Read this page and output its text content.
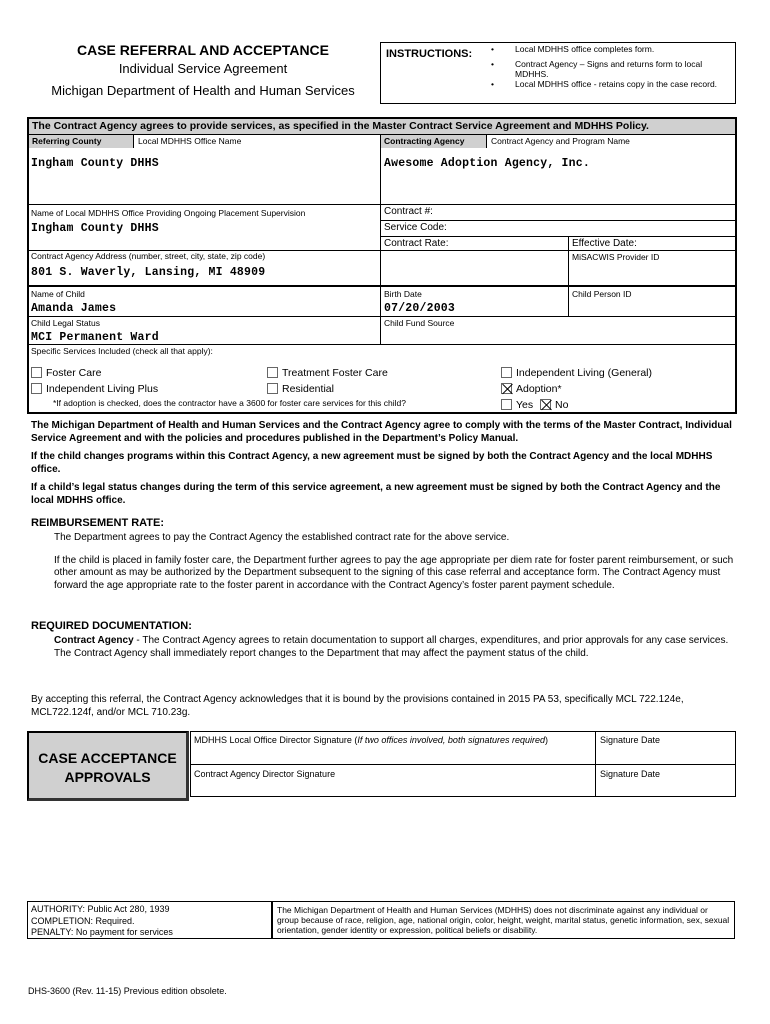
CASE REFERRAL AND ACCEPTANCE
Individual Service Agreement
Michigan Department of Health and Human Services
INSTRUCTIONS: • Local MDHHS office completes form.
• Contract Agency – Signs and returns form to local MDHHS.
• Local MDHHS office - retains copy in the case record.
The Contract Agency agrees to provide services, as specified in the Master Contract Service Agreement and MDHHS Policy.
Referring County	Local MDHHS Office Name
Ingham County DHHS
Contracting Agency	Contract Agency and Program Name
Awesome Adoption Agency, Inc.
Name of Local MDHHS Office Providing Ongoing Placement Supervision
Ingham County DHHS
Contract #:
Service Code:
Contract Rate:	Effective Date:
MiSACWIS Provider ID
Contract Agency Address (number, street, city, state, zip code)
801 S. Waverly, Lansing, MI 48909
Name of Child
Amanda James
Birth Date
07/20/2003
Child Person ID
Child Legal Status
MCI Permanent Ward
Child Fund Source
Specific Services Included (check all that apply):
Foster Care	Treatment Foster Care	Independent Living (General)
Independent Living Plus	Residential	Adoption*
*If adoption is checked, does the contractor have a 3600 for foster care services for this child?	Yes	No

The Michigan Department of Health and Human Services and the Contract Agency agree to comply with the terms of the Master Contract, Individual Service Agreement and with the policies and procedures published in the Department’s Policy Manual.

If the child changes programs within this Contract Agency, a new agreement must be signed by both the Contract Agency and the local MDHHS office.

If a child’s legal status changes during the term of this service agreement, a new agreement must be signed by both the Contract Agency and the local MDHHS office.

REIMBURSEMENT RATE:

The Department agrees to pay the Contract Agency the established contract rate for the above service.

If the child is placed in family foster care, the Department further agrees to pay the age appropriate per diem rate for foster parent reimbursement, or such other amount as may be authorized by the Department subsequent to the signing of this case referral and acceptance form. The Contract Agency must forward the age appropriate rate to the foster parent in accordance with the Contract Agency’s foster parent payment schedule.

REQUIRED DOCUMENTATION:

Contract Agency - The Contract Agency agrees to retain documentation to support all charges, expenditures, and prior approvals for any case services. The Contract Agency shall immediately report changes to the Department that may affect the payment status of the child.

By accepting this referral, the Contract Agency acknowledges that it is bound by the provisions contained in 2015 PA 53, specifically MCL 722.124e, MCL722.124f, and/or MCL 710.23g.

CASE ACCEPTANCE
APPROVALS
MDHHS Local Office Director Signature (If two offices involved, both signatures required)	Signature Date
Contract Agency Director Signature	Signature Date
AUTHORITY: Public Act 280, 1939
COMPLETION: Required.
PENALTY: No payment for services
The Michigan Department of Health and Human Services (MDHHS) does not discriminate against any individual or group because of race, religion, age, national origin, color, height, weight, marital status, genetic information, sex, sexual orientation, gender identity or expression, political beliefs or disability.
DHS-3600 (Rev. 11-15) Previous edition obsolete.
